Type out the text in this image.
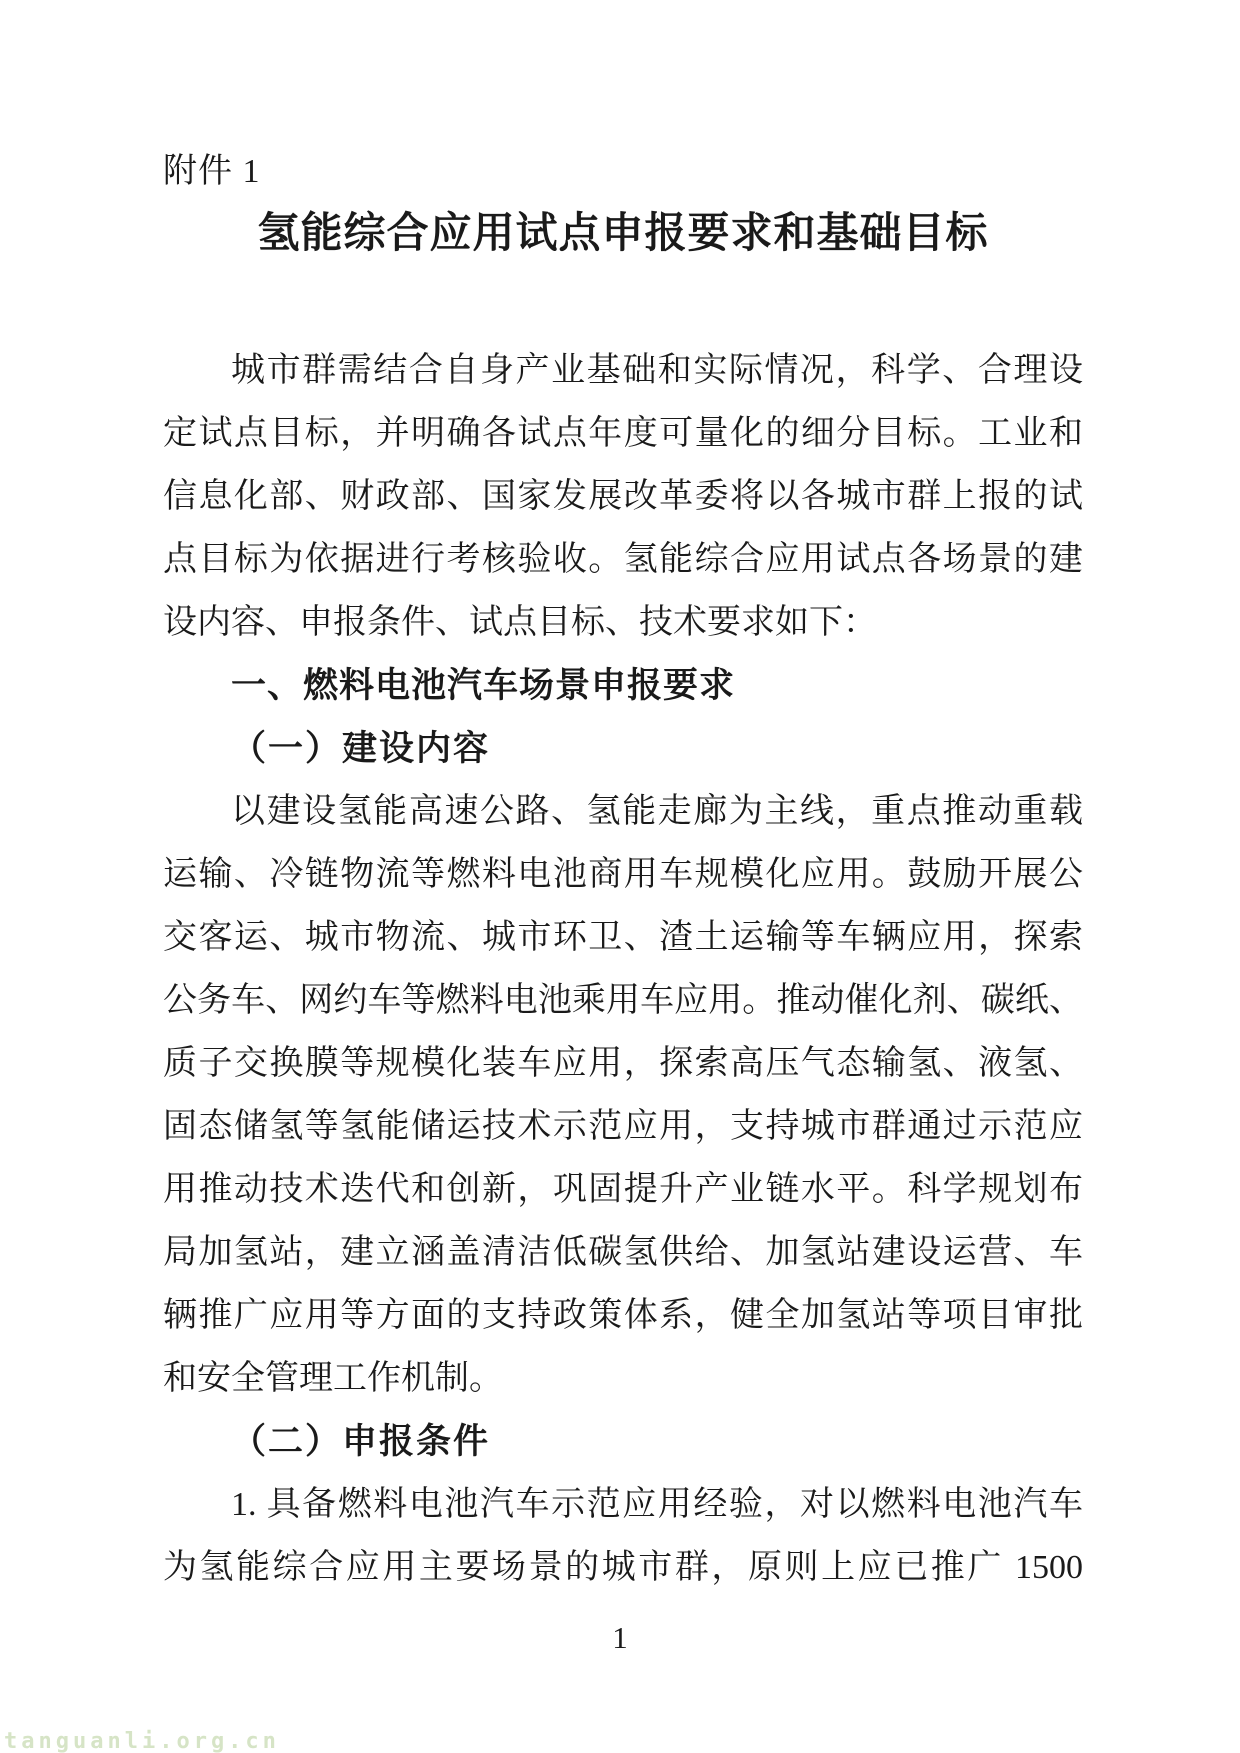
附件 1
氢能综合应用试点申报要求和基础目标
城市群需结合自身产业基础和实际情况，科学、合理设
定试点目标，并明确各试点年度可量化的细分目标。工业和
信息化部、财政部、国家发展改革委将以各城市群上报的试
点目标为依据进行考核验收。氢能综合应用试点各场景的建
设内容、申报条件、试点目标、技术要求如下：
一、燃料电池汽车场景申报要求
（一）建设内容
以建设氢能高速公路、氢能走廊为主线，重点推动重载
运输、冷链物流等燃料电池商用车规模化应用。鼓励开展公
交客运、城市物流、城市环卫、渣土运输等车辆应用，探索
公务车、网约车等燃料电池乘用车应用。推动催化剂、碳纸、
质子交换膜等规模化装车应用，探索高压气态输氢、液氢、
固态储氢等氢能储运技术示范应用，支持城市群通过示范应
用推动技术迭代和创新，巩固提升产业链水平。科学规划布
局加氢站，建立涵盖清洁低碳氢供给、加氢站建设运营、车
辆推广应用等方面的支持政策体系，健全加氢站等项目审批
和安全管理工作机制。
（二）申报条件
1. 具备燃料电池汽车示范应用经验，对以燃料电池汽车
为氢能综合应用主要场景的城市群，原则上应已推广 1500
1
tanguanli.org.cn
